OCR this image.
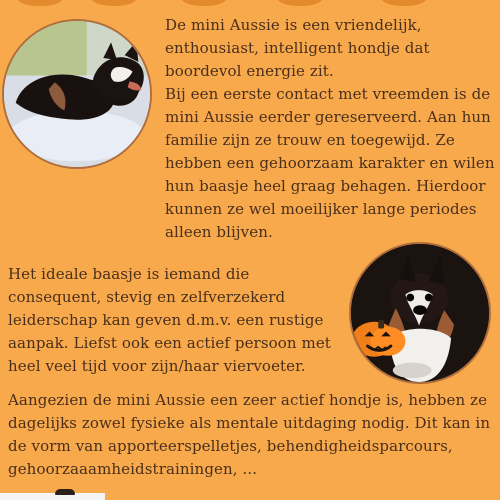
De mini Aussie is een vriendelijk, enthousiast, intelligent hondje dat boordevol energie zit.

Bij een eerste contact met vreemden is de mini Aussie eerder gereserveerd. Aan hun familie zijn ze trouw en toegewijd. Ze hebben een gehoorzaam karakter en wilen hun baasje heel graag behagen. Hierdoor kunnen ze wel moeilijker lange periodes alleen blijven.

Het ideale baasje is iemand die consequent, stevig en zelfverzekerd leiderschap kan geven d.m.v. een rustige aanpak. Liefst ook een actief persoon met heel veel tijd voor zijn/haar viervoeter.

Aangezien de mini Aussie een zeer actief hondje is, hebben ze dagelijks zowel fysieke als mentale uitdaging nodig. Dit kan in de vorm van apporteerspelletjes, behendigheidsparcours, gehoorzaaamheidstrainingen, ...
